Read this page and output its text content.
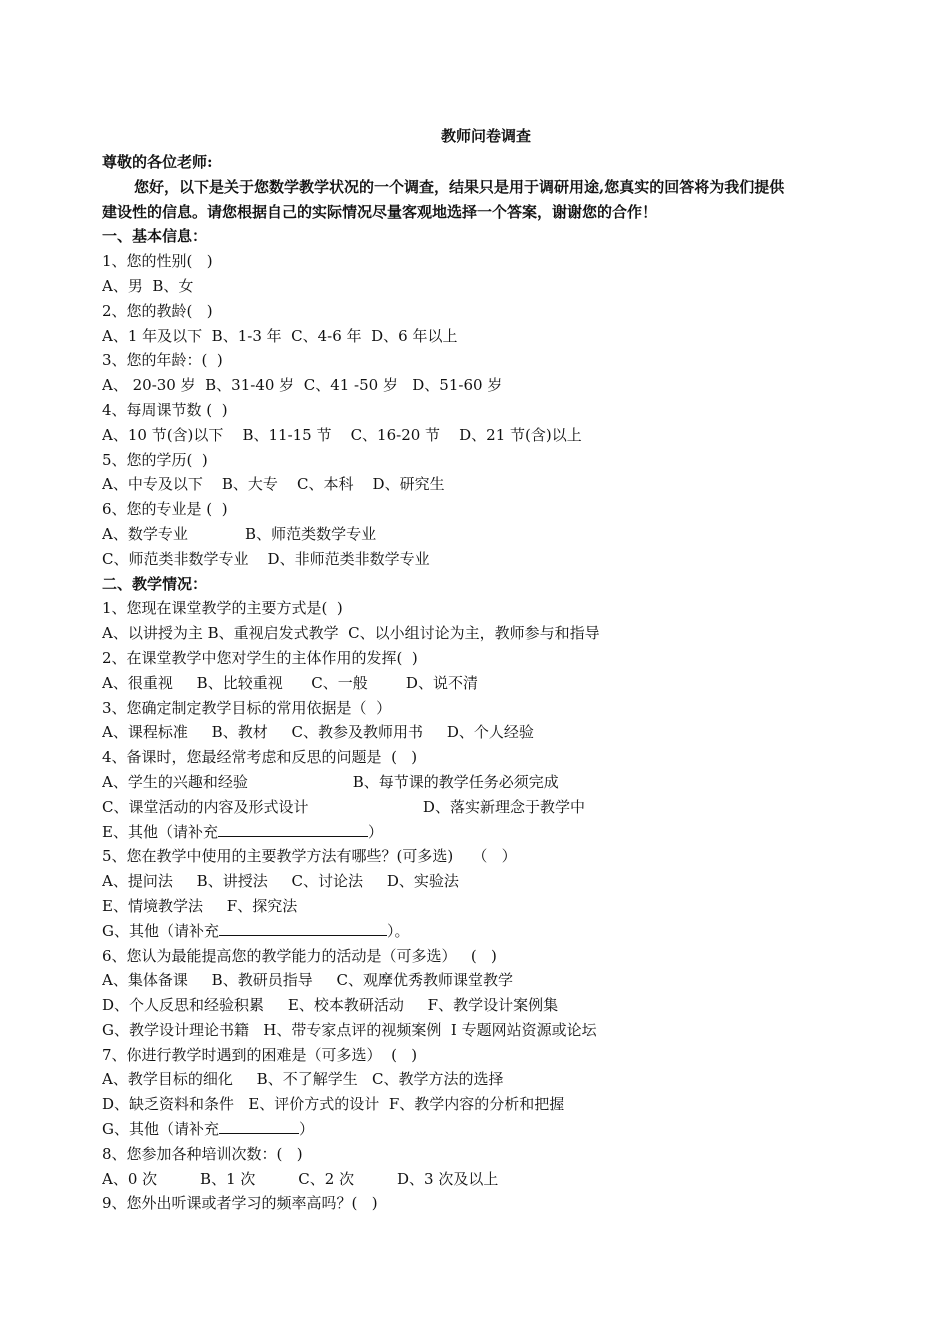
教师问卷调查
尊敬的各位老师:
您好，以下是关于您数学教学状况的一个调查，结果只是用于调研用途,您真实的回答将为我们提供
建设性的信息。请您根据自己的实际情况尽量客观地选择一个答案，谢谢您的合作！
一、基本信息：
1、您的性别(   )
A、男  B、女
2、您的教龄(   )
A、1 年及以下  B、1-3 年  C、4-6 年  D、6 年以上
3、您的年龄：(  )
A、 20-30 岁  B、31-40 岁  C、41 -50 岁   D、51-60 岁
4、每周课节数 (  )
A、10 节(含)以下    B、11-15 节    C、16-20 节    D、21 节(含)以上
5、您的学历(  )
A、中专及以下    B、大专    C、本科    D、研究生
6、您的专业是 (  )
A、数学专业            B、师范类数学专业
C、师范类非数学专业    D、非师范类非数学专业
二、教学情况：
1、您现在课堂教学的主要方式是(  )
A、以讲授为主 B、重视启发式教学  C、以小组讨论为主，教师参与和指导
2、在课堂教学中您对学生的主体作用的发挥(  )
A、很重视     B、比较重视      C、一般        D、说不清
3、您确定制定教学目标的常用依据是（  ）
A、课程标准     B、教材     C、教参及教师用书     D、个人经验
4、备课时，您最经常考虑和反思的问题是  (   )
A、学生的兴趣和经验                      B、每节课的教学任务必须完成
C、课堂活动的内容及形式设计                        D、落实新理念于教学中
E、其他（请补充	）
5、您在教学中使用的主要教学方法有哪些？(可多选)    （   ）
A、提问法     B、讲授法     C、讨论法     D、实验法
E、情境教学法     F、探究法
G、其他（请补充	）。
6、您认为最能提高您的教学能力的活动是（可多选）   (   )
A、集体备课     B、教研员指导     C、观摩优秀教师课堂教学
D、个人反思和经验积累     E、校本教研活动     F、教学设计案例集
G、教学设计理论书籍   H、带专家点评的视频案例  I 专题网站资源或论坛
7、你进行教学时遇到的困难是（可多选）  (   )
A、教学目标的细化     B、不了解学生   C、教学方法的选择
D、缺乏资料和条件   E、评价方式的设计  F、教学内容的分析和把握
G、其他（请补充	）
8、您参加各种培训次数：(   )
A、0 次         B、1 次         C、2 次         D、3 次及以上
9、您外出听课或者学习的频率高吗？(   )
